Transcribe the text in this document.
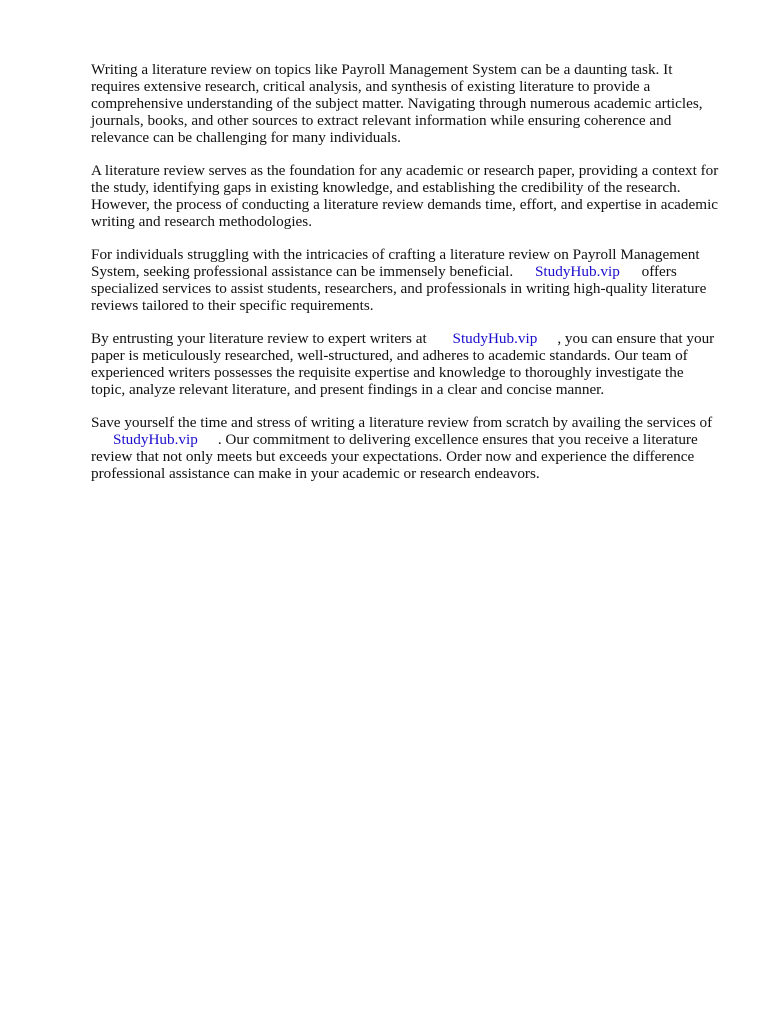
Writing a literature review on topics like Payroll Management System can be a daunting task. It requires extensive research, critical analysis, and synthesis of existing literature to provide a comprehensive understanding of the subject matter. Navigating through numerous academic articles, journals, books, and other sources to extract relevant information while ensuring coherence and relevance can be challenging for many individuals.

A literature review serves as the foundation for any academic or research paper, providing a context for the study, identifying gaps in existing knowledge, and establishing the credibility of the research. However, the process of conducting a literature review demands time, effort, and expertise in academic writing and research methodologies.

For individuals struggling with the intricacies of crafting a literature review on Payroll Management System, seeking professional assistance can be immensely beneficial. StudyHub.vip offers specialized services to assist students, researchers, and professionals in writing high-quality literature reviews tailored to their specific requirements.

By entrusting your literature review to expert writers at StudyHub.vip , you can ensure that your paper is meticulously researched, well-structured, and adheres to academic standards. Our team of experienced writers possesses the requisite expertise and knowledge to thoroughly investigate the topic, analyze relevant literature, and present findings in a clear and concise manner.

Save yourself the time and stress of writing a literature review from scratch by availing the services of StudyHub.vip . Our commitment to delivering excellence ensures that you receive a literature review that not only meets but exceeds your expectations. Order now and experience the difference professional assistance can make in your academic or research endeavors.
